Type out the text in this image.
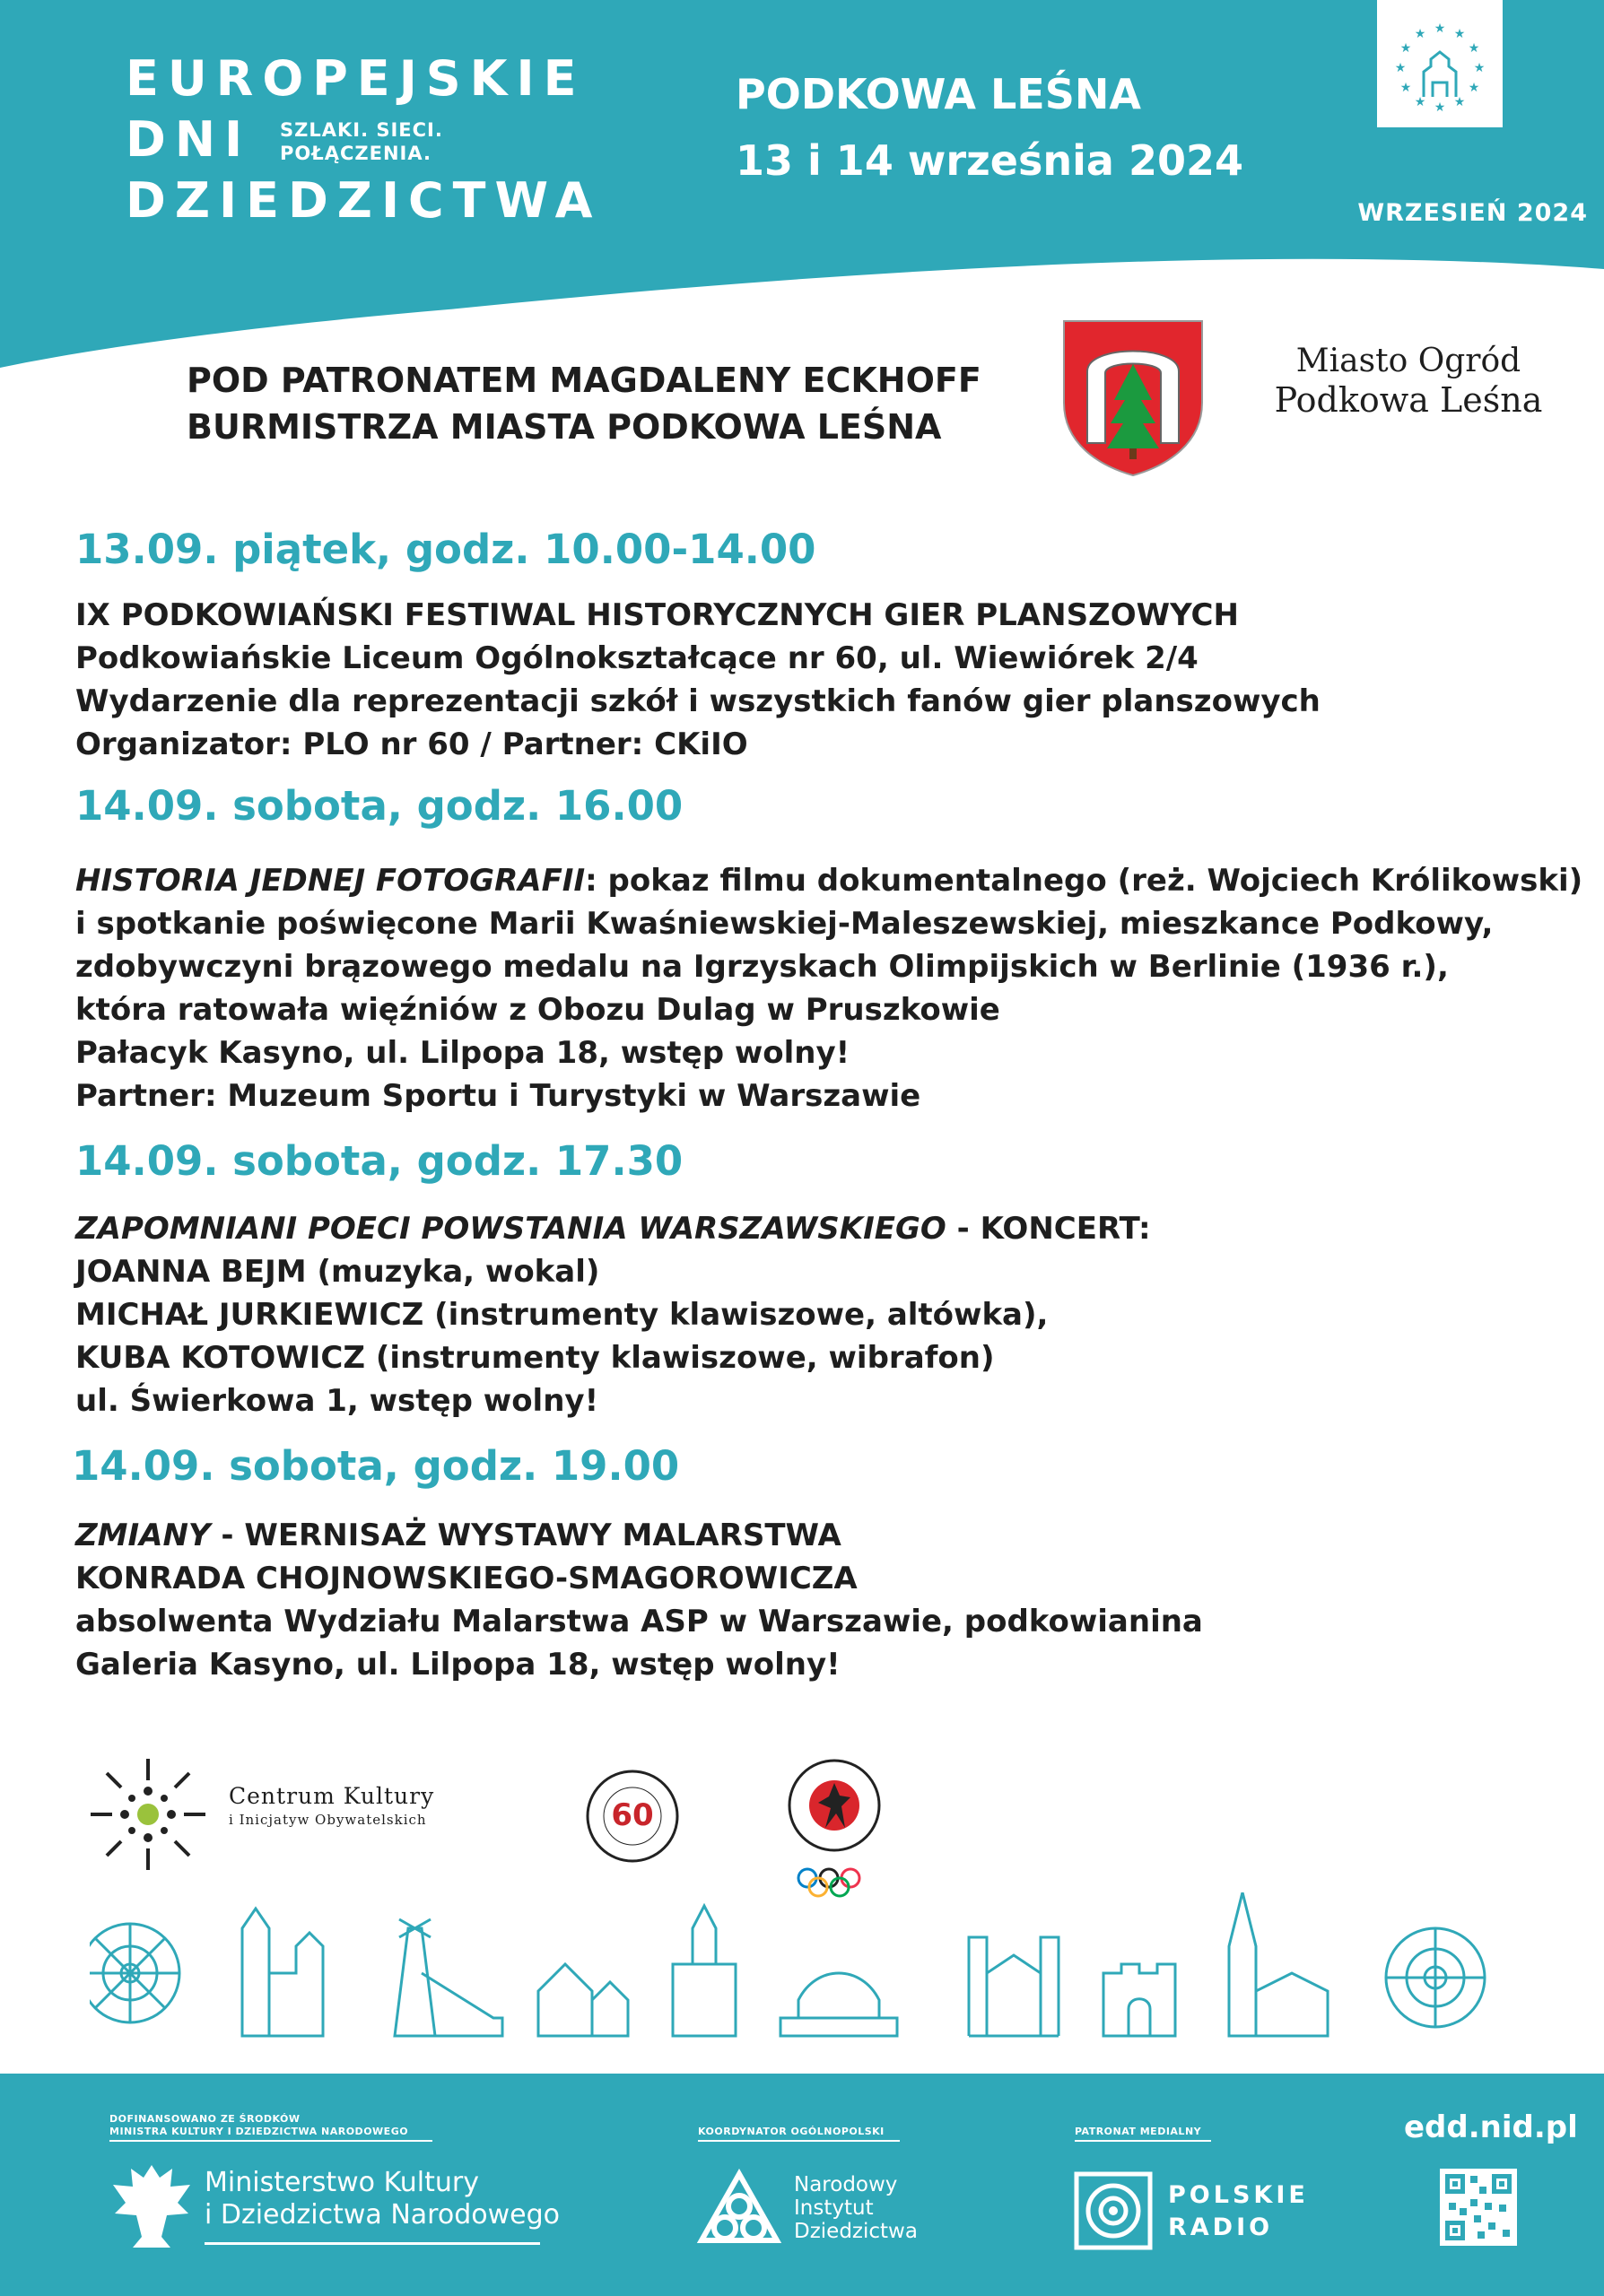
EUROPEJSKIE
DNI
DZIEDZICTWA
SZLAKI. SIECI.
POŁĄCZENIA.
PODKOWA LEŚNA
13 i 14 września 2024
★
★ ★
★	★
★	★
★	★
★ ★
★
WRZESIEŃ 2024
POD PATRONATEM MAGDALENY ECKHOFF
BURMISTRZA MIASTA PODKOWA LEŚNA
Miasto Ogród
Podkowa Leśna
13.09. piątek, godz. 10.00-14.00
IX PODKOWIAŃSKI FESTIWAL HISTORYCZNYCH GIER PLANSZOWYCH
Podkowiańskie Liceum Ogólnokształcące nr 60, ul. Wiewiórek 2/4
Wydarzenie dla reprezentacji szkół i wszystkich fanów gier planszowych
Organizator: PLO nr 60 / Partner: CKiIO
14.09. sobota, godz. 16.00
HISTORIA JEDNEJ FOTOGRAFII: pokaz filmu dokumentalnego (reż. Wojciech Królikowski)
i spotkanie poświęcone Marii Kwaśniewskiej-Maleszewskiej, mieszkance Podkowy,
zdobywczyni brązowego medalu na Igrzyskach Olimpijskich w Berlinie (1936 r.),
która ratowała więźniów z Obozu Dulag w Pruszkowie
Pałacyk Kasyno, ul. Lilpopa 18, wstęp wolny!
Partner: Muzeum Sportu i Turystyki w Warszawie
14.09. sobota, godz. 17.30
ZAPOMNIANI POECI POWSTANIA WARSZAWSKIEGO - KONCERT:
JOANNA BEJM (muzyka, wokal)
MICHAŁ JURKIEWICZ (instrumenty klawiszowe, altówka),
KUBA KOTOWICZ (instrumenty klawiszowe, wibrafon)
ul. Świerkowa 1, wstęp wolny!
14.09. sobota, godz. 19.00
ZMIANY - WERNISAŻ WYSTAWY MALARSTWA
KONRADA CHOJNOWSKIEGO-SMAGOROWICZA
absolwenta Wydziału Malarstwa ASP w Warszawie, podkowianina
Galeria Kasyno, ul. Lilpopa 18, wstęp wolny!
Centrum Kultury
i Inicjatyw Obywatelskich	60
DOFINANSOWANO ZE ŚRODKÓW
MINISTRA KULTURY I DZIEDZICTWA NARODOWEGO
Ministerstwo Kultury
i Dziedzictwa Narodowego
KOORDYNATOR OGÓLNOPOLSKI
Narodowy
Instytut
Dziedzictwa
PATRONAT MEDIALNY
POLSKIE
RADIO
edd.nid.pl
